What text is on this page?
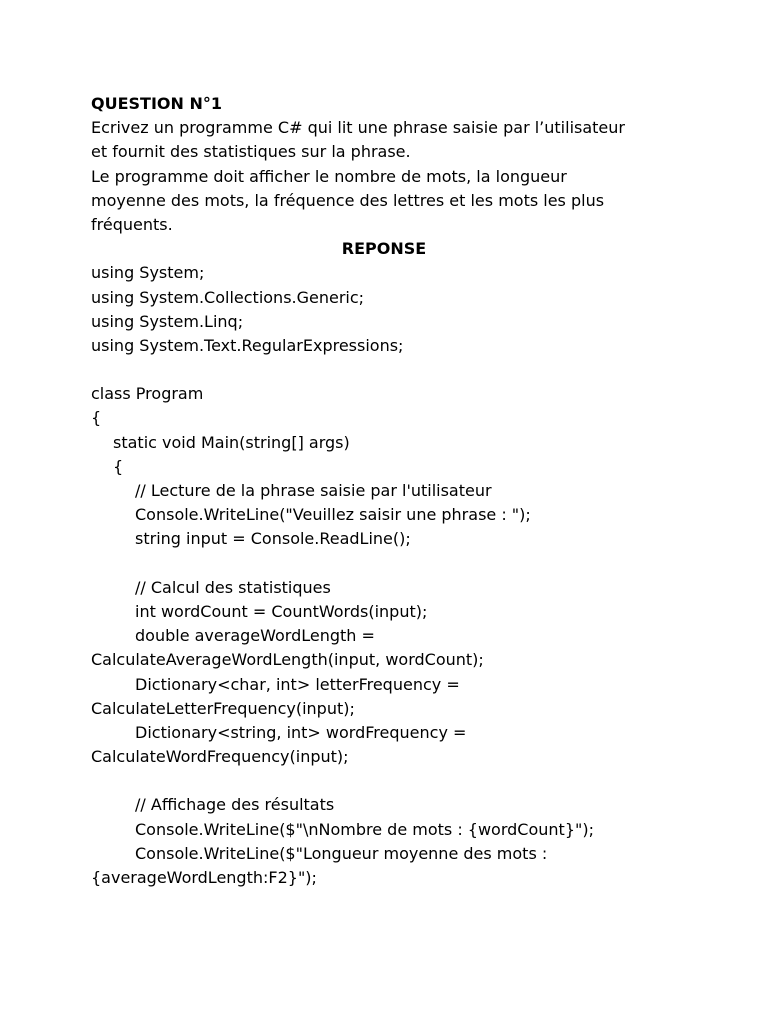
QUESTION N°1
Ecrivez un programme C# qui lit une phrase saisie par l’utilisateur
et fournit des statistiques sur la phrase.
Le programme doit afficher le nombre de mots, la longueur
moyenne des mots, la fréquence des lettres et les mots les plus
fréquents.
REPONSE
using System;
using System.Collections.Generic;
using System.Linq;
using System.Text.RegularExpressions;
class Program
{
static void Main(string[] args)
{
// Lecture de la phrase saisie par l'utilisateur
Console.WriteLine("Veuillez saisir une phrase : ");
string input = Console.ReadLine();
// Calcul des statistiques
int wordCount = CountWords(input);
double averageWordLength =
CalculateAverageWordLength(input, wordCount);
Dictionary<char, int> letterFrequency =
CalculateLetterFrequency(input);
Dictionary<string, int> wordFrequency =
CalculateWordFrequency(input);
// Affichage des résultats
Console.WriteLine($"\nNombre de mots : {wordCount}");
Console.WriteLine($"Longueur moyenne des mots :
{averageWordLength:F2}");
